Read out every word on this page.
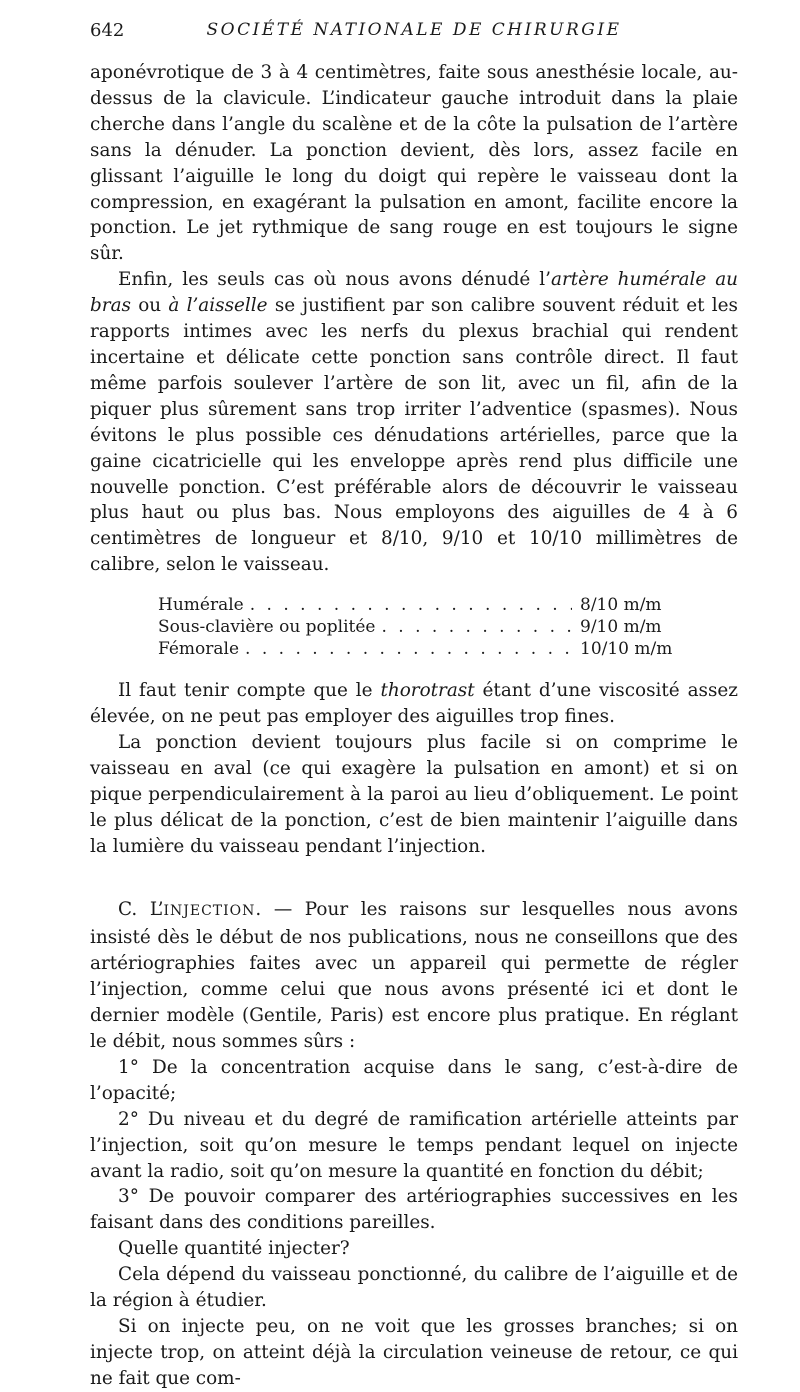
642	SOCIÉTÉ NATIONALE DE CHIRURGIE

aponévrotique de 3 à 4 centimètres, faite sous anesthésie locale, au-dessus de la clavicule. L’indicateur gauche introduit dans la plaie cherche dans l’angle du scalène et de la côte la pulsation de l’artère sans la dénuder. La ponction devient, dès lors, assez facile en glissant l’aiguille le long du doigt qui repère le vaisseau dont la compression, en exagérant la pulsation en amont, facilite encore la ponction. Le jet rythmique de sang rouge en est toujours le signe sûr.

Enfin, les seuls cas où nous avons dénudé l’artère humérale au bras ou à l’aisselle se justifient par son calibre souvent réduit et les rapports intimes avec les nerfs du plexus brachial qui rendent incertaine et délicate cette ponction sans contrôle direct. Il faut même parfois soulever l’artère de son lit, avec un fil, afin de la piquer plus sûrement sans trop irriter l’adventice (spasmes). Nous évitons le plus possible ces dénudations artérielles, parce que la gaine cicatricielle qui les enveloppe après rend plus difficile une nouvelle ponction. C’est préférable alors de découvrir le vaisseau plus haut ou plus bas. Nous employons des aiguilles de 4 à 6 centimètres de longueur et 8/10, 9/10 et 10/10 millimètres de calibre, selon le vaisseau.

Humérale . . .	8/10 m/m
Sous-clavière ou poplitée . . .	9/10 m/m
Fémorale . . .	10/10 m/m

Il faut tenir compte que le thorotrast étant d’une viscosité assez élevée, on ne peut pas employer des aiguilles trop fines.

La ponction devient toujours plus facile si on comprime le vaisseau en aval (ce qui exagère la pulsation en amont) et si on pique perpendiculairement à la paroi au lieu d’obliquement. Le point le plus délicat de la ponction, c’est de bien maintenir l’aiguille dans la lumière du vaisseau pendant l’injection.

C. L’INJECTION. — Pour les raisons sur lesquelles nous avons insisté dès le début de nos publications, nous ne conseillons que des artériographies faites avec un appareil qui permette de régler l’injection, comme celui que nous avons présenté ici et dont le dernier modèle (Gentile, Paris) est encore plus pratique. En réglant le débit, nous sommes sûrs :

1° De la concentration acquise dans le sang, c’est-à-dire de l’opacité;

2° Du niveau et du degré de ramification artérielle atteints par l’injection, soit qu’on mesure le temps pendant lequel on injecte avant la radio, soit qu’on mesure la quantité en fonction du débit;

3° De pouvoir comparer des artériographies successives en les faisant dans des conditions pareilles.

Quelle quantité injecter?

Cela dépend du vaisseau ponctionné, du calibre de l’aiguille et de la région à étudier.

Si on injecte peu, on ne voit que les grosses branches; si on injecte trop, on atteint déjà la circulation veineuse de retour, ce qui ne fait que com-
